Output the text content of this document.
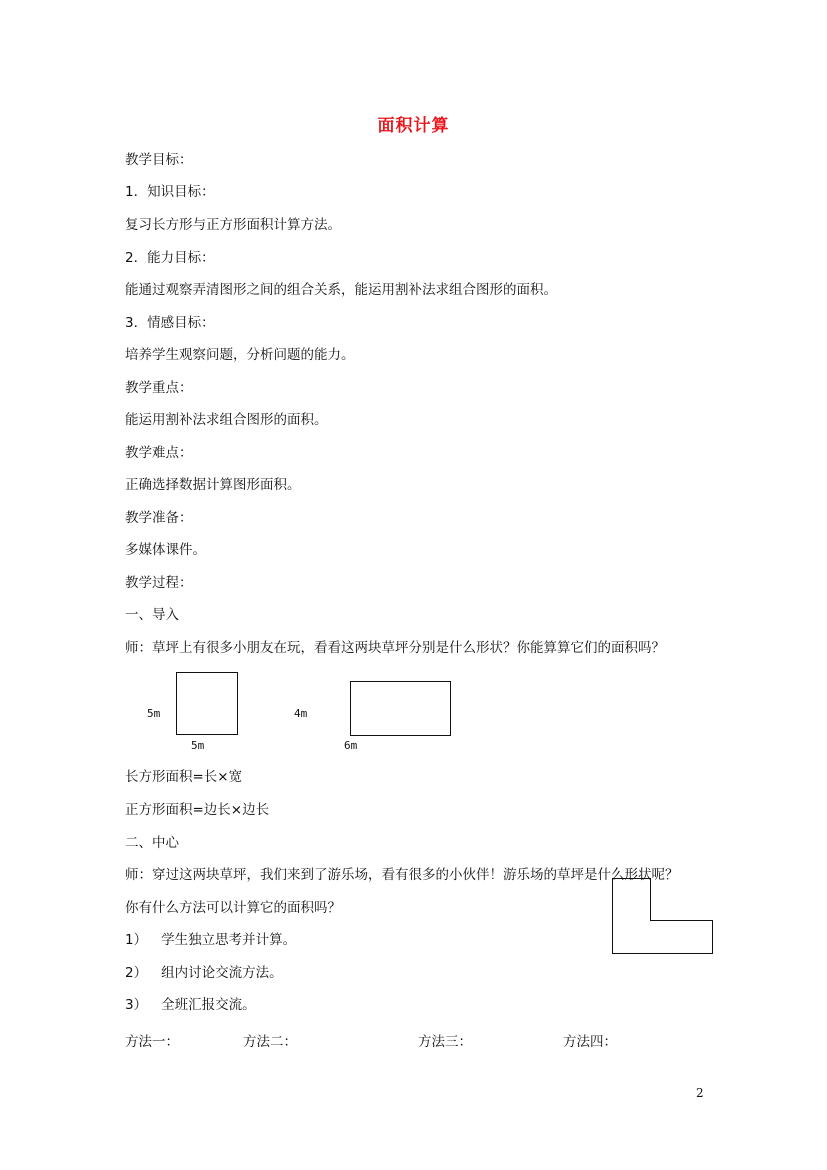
面积计算
教学目标：
1．知识目标：
复习长方形与正方形面积计算方法。
2．能力目标：
能通过观察弄清图形之间的组合关系，能运用割补法求组合图形的面积。
3．情感目标：
培养学生观察问题，分析问题的能力。
教学重点：
能运用割补法求组合图形的面积。
教学难点：
正确选择数据计算图形面积。
教学准备：
多媒体课件。
教学过程：
一、导入
师：草坪上有很多小朋友在玩，看看这两块草坪分别是什么形状？你能算算它们的面积吗？
5m
5m
4m
6m
长方形面积=长×宽
正方形面积=边长×边长
二、中心
师：穿过这两块草坪，我们来到了游乐场，看有很多的小伙伴！游乐场的草坪是什么形状呢？
你有什么方法可以计算它的面积吗？
1） 学生独立思考并计算。
2） 组内讨论交流方法。
3） 全班汇报交流。
方法一：	方法二：	方法三：	方法四：
2
